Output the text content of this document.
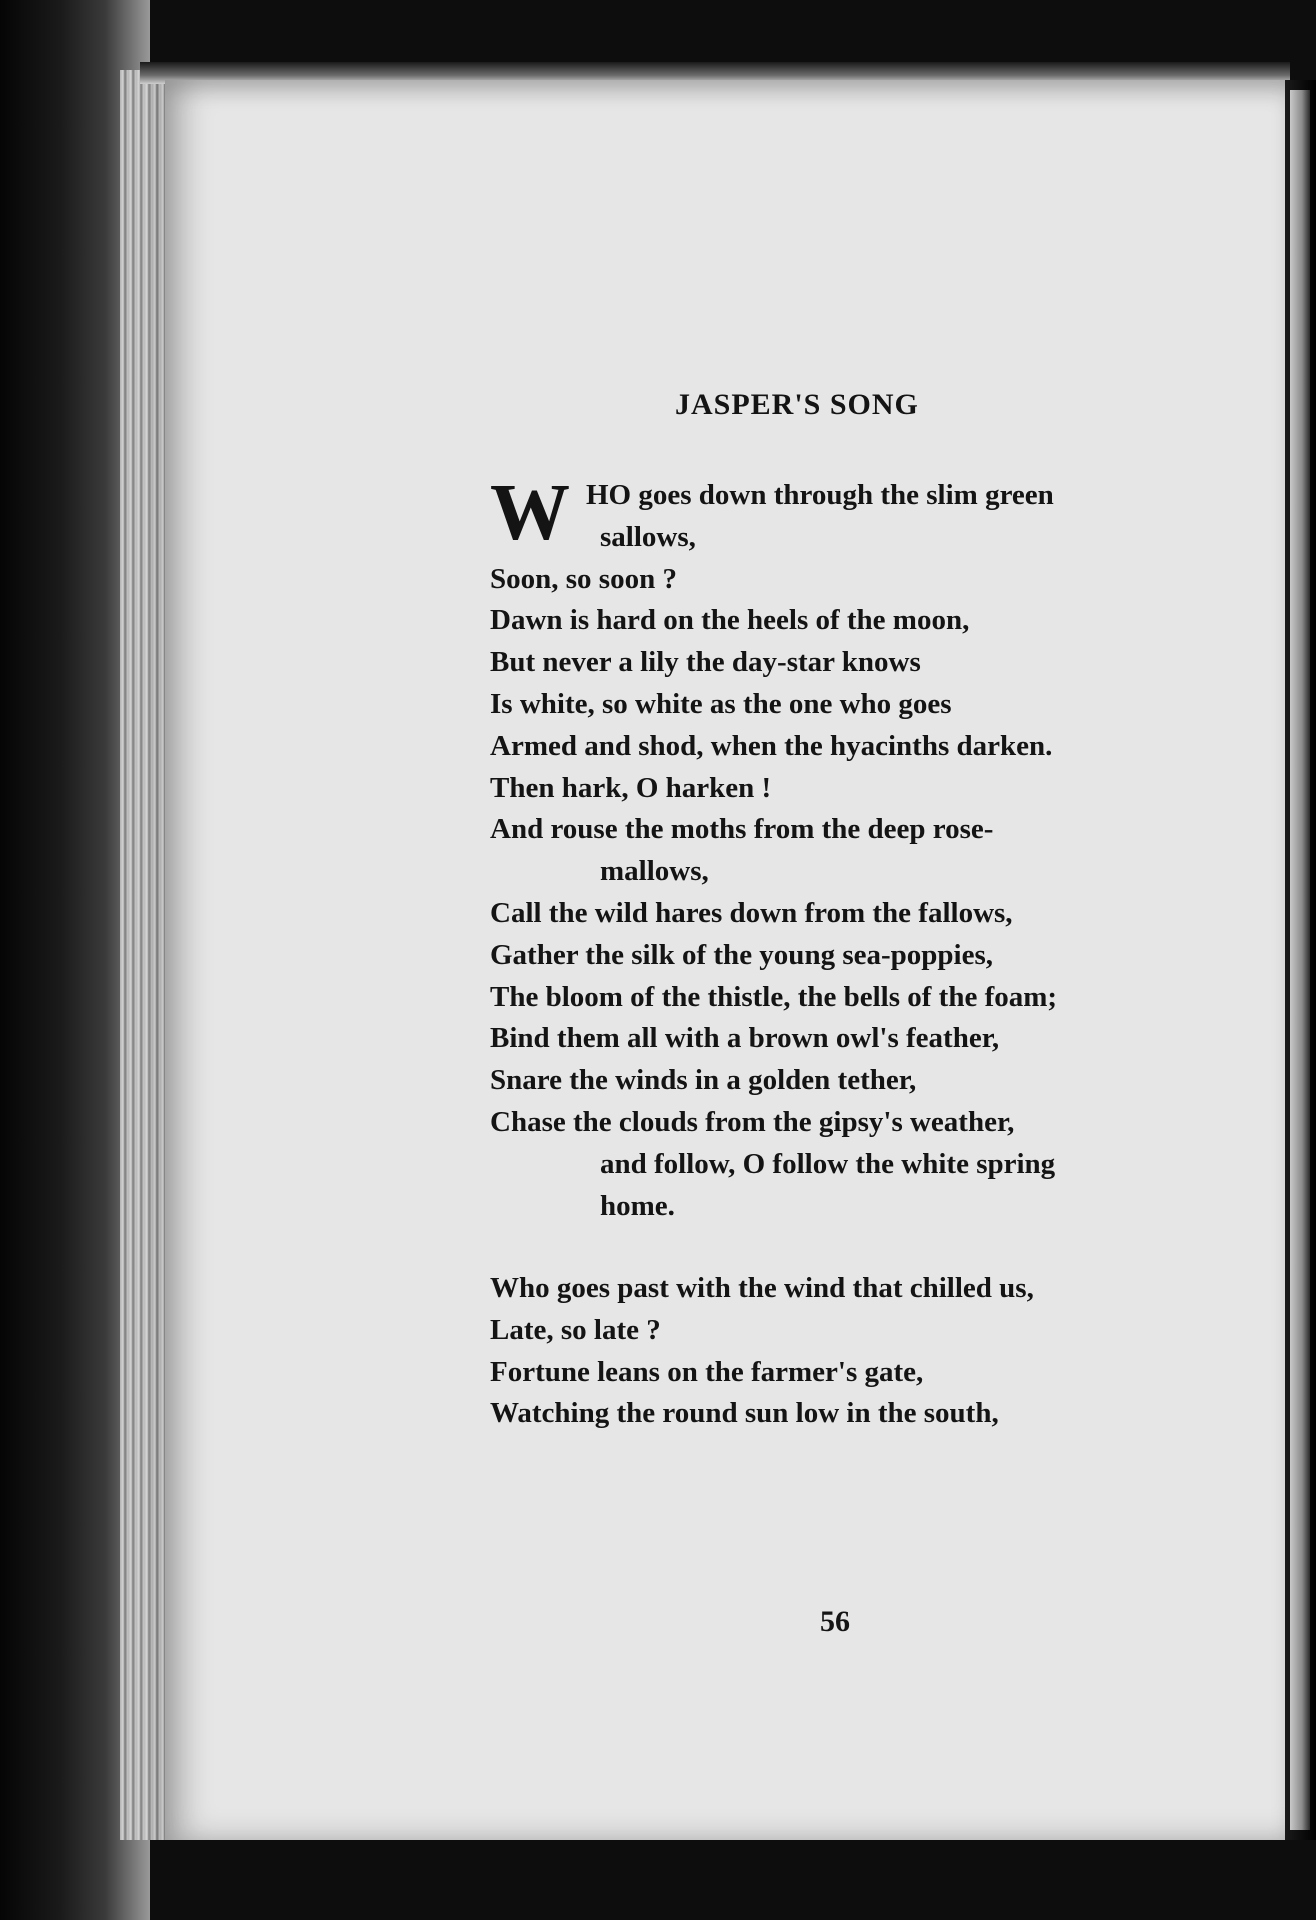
JASPER'S SONG
W HO goes down through the slim green
sallows,
Soon, so soon ?
Dawn is hard on the heels of the moon,
But never a lily the day-star knows
Is white, so white as the one who goes
Armed and shod, when the hyacinths darken.
Then hark, O harken !
And rouse the moths from the deep rose-
mallows,
Call the wild hares down from the fallows,
Gather the silk of the young sea-poppies,
The bloom of the thistle, the bells of the foam;
Bind them all with a brown owl's feather,
Snare the winds in a golden tether,
Chase the clouds from the gipsy's weather,
and follow, O follow the white spring
home.
Who goes past with the wind that chilled us,
Late, so late ?
Fortune leans on the farmer's gate,
Watching the round sun low in the south,
56
